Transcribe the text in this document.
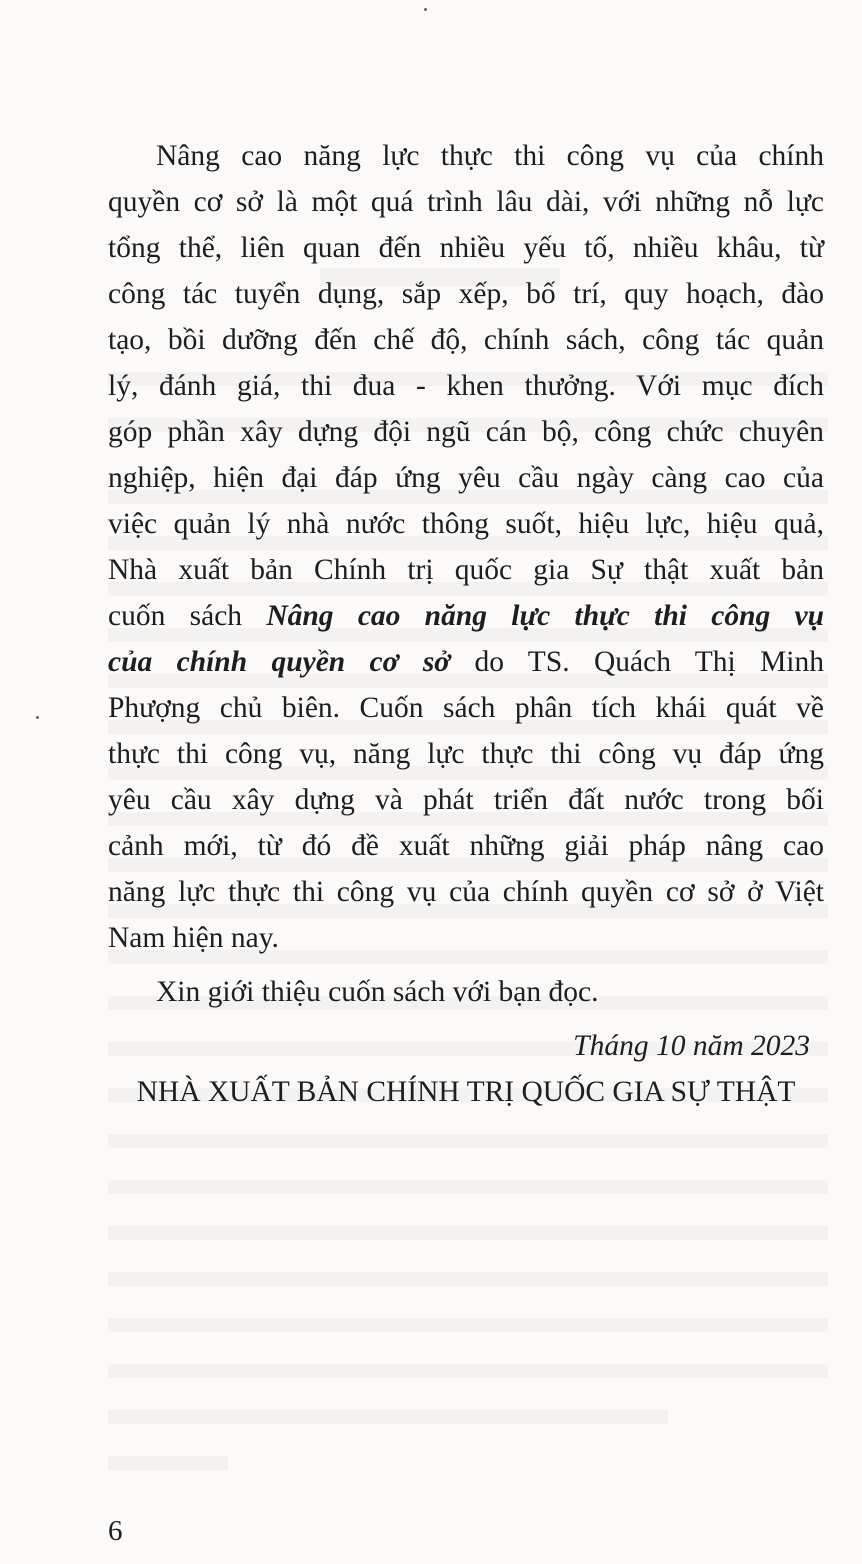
Nâng cao năng lực thực thi công vụ của chính
quyền cơ sở là một quá trình lâu dài, với những nỗ lực
tổng thể, liên quan đến nhiều yếu tố, nhiều khâu, từ
công tác tuyển dụng, sắp xếp, bố trí, quy hoạch, đào
tạo, bồi dưỡng đến chế độ, chính sách, công tác quản
lý, đánh giá, thi đua - khen thưởng. Với mục đích
góp phần xây dựng đội ngũ cán bộ, công chức chuyên
nghiệp, hiện đại đáp ứng yêu cầu ngày càng cao của
việc quản lý nhà nước thông suốt, hiệu lực, hiệu quả,
Nhà xuất bản Chính trị quốc gia Sự thật xuất bản
cuốn sách Nâng cao năng lực thực thi công vụ
của chính quyền cơ sở do TS. Quách Thị Minh
Phượng chủ biên. Cuốn sách phân tích khái quát về
thực thi công vụ, năng lực thực thi công vụ đáp ứng
yêu cầu xây dựng và phát triển đất nước trong bối
cảnh mới, từ đó đề xuất những giải pháp nâng cao
năng lực thực thi công vụ của chính quyền cơ sở ở Việt
Nam hiện nay.
Xin giới thiệu cuốn sách với bạn đọc.
Tháng 10 năm 2023
NHÀ XUẤT BẢN CHÍNH TRỊ QUỐC GIA SỰ THẬT
6
